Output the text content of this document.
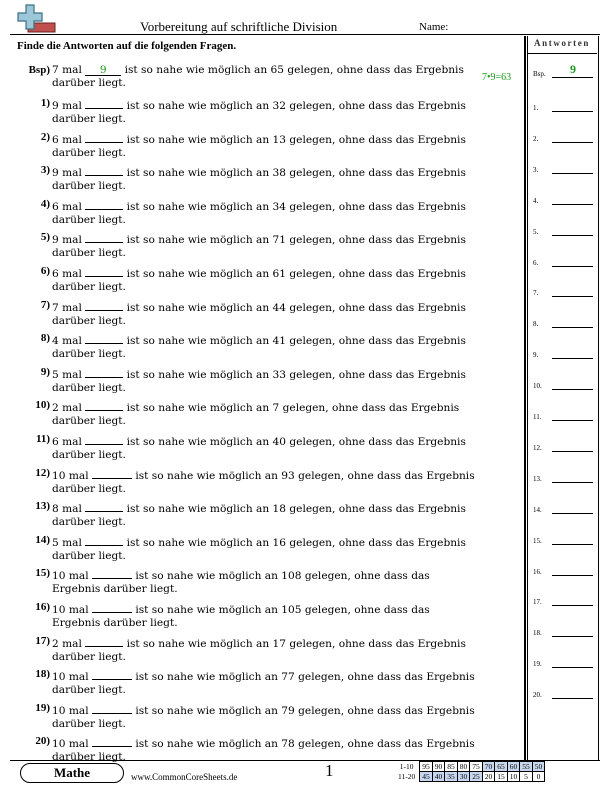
Vorbereitung auf schriftliche Division	Name:
Finde die Antworten auf die folgenden Fragen.	Antworten
Bsp) 7 mal 9 ist so nahe wie möglich an 65 gelegen, ohne dass das Ergebnis darüber liegt.	7•9=63
1) 9 mal	ist so nahe wie möglich an 32 gelegen, ohne dass das Ergebnis darüber liegt.
2) 6 mal	ist so nahe wie möglich an 13 gelegen, ohne dass das Ergebnis darüber liegt.
3) 9 mal	ist so nahe wie möglich an 38 gelegen, ohne dass das Ergebnis darüber liegt.
4) 6 mal	ist so nahe wie möglich an 34 gelegen, ohne dass das Ergebnis darüber liegt.
5) 9 mal	ist so nahe wie möglich an 71 gelegen, ohne dass das Ergebnis darüber liegt.
6) 6 mal	ist so nahe wie möglich an 61 gelegen, ohne dass das Ergebnis darüber liegt.
7) 7 mal	ist so nahe wie möglich an 44 gelegen, ohne dass das Ergebnis darüber liegt.
8) 4 mal	ist so nahe wie möglich an 41 gelegen, ohne dass das Ergebnis darüber liegt.
9) 5 mal	ist so nahe wie möglich an 33 gelegen, ohne dass das Ergebnis darüber liegt.
10) 2 mal	ist so nahe wie möglich an 7 gelegen, ohne dass das Ergebnis darüber liegt.
11) 6 mal	ist so nahe wie möglich an 40 gelegen, ohne dass das Ergebnis darüber liegt.
12) 10 mal	ist so nahe wie möglich an 93 gelegen, ohne dass das Ergebnis darüber liegt.
13) 8 mal	ist so nahe wie möglich an 18 gelegen, ohne dass das Ergebnis darüber liegt.
14) 5 mal	ist so nahe wie möglich an 16 gelegen, ohne dass das Ergebnis darüber liegt.
15) 10 mal	ist so nahe wie möglich an 108 gelegen, ohne dass das Ergebnis darüber liegt.
16) 10 mal	ist so nahe wie möglich an 105 gelegen, ohne dass das Ergebnis darüber liegt.
17) 2 mal	ist so nahe wie möglich an 17 gelegen, ohne dass das Ergebnis darüber liegt.
18) 10 mal	ist so nahe wie möglich an 77 gelegen, ohne dass das Ergebnis darüber liegt.
19) 10 mal	ist so nahe wie möglich an 79 gelegen, ohne dass das Ergebnis darüber liegt.
20) 10 mal	ist so nahe wie möglich an 78 gelegen, ohne dass das Ergebnis darüber liegt.
Bsp.	9
1.
2.
3.
4.
5.
6.
7.
8.
9.
10.
11.
12.
13.
14.
15.
16.
17.
18.
19.
20.
Mathe	www.CommonCoreSheets.de	1	1-10	95	90	85	80	75	70	65	60	55	50
11-20	45	40	35	30	25	20	15	10	5	0
